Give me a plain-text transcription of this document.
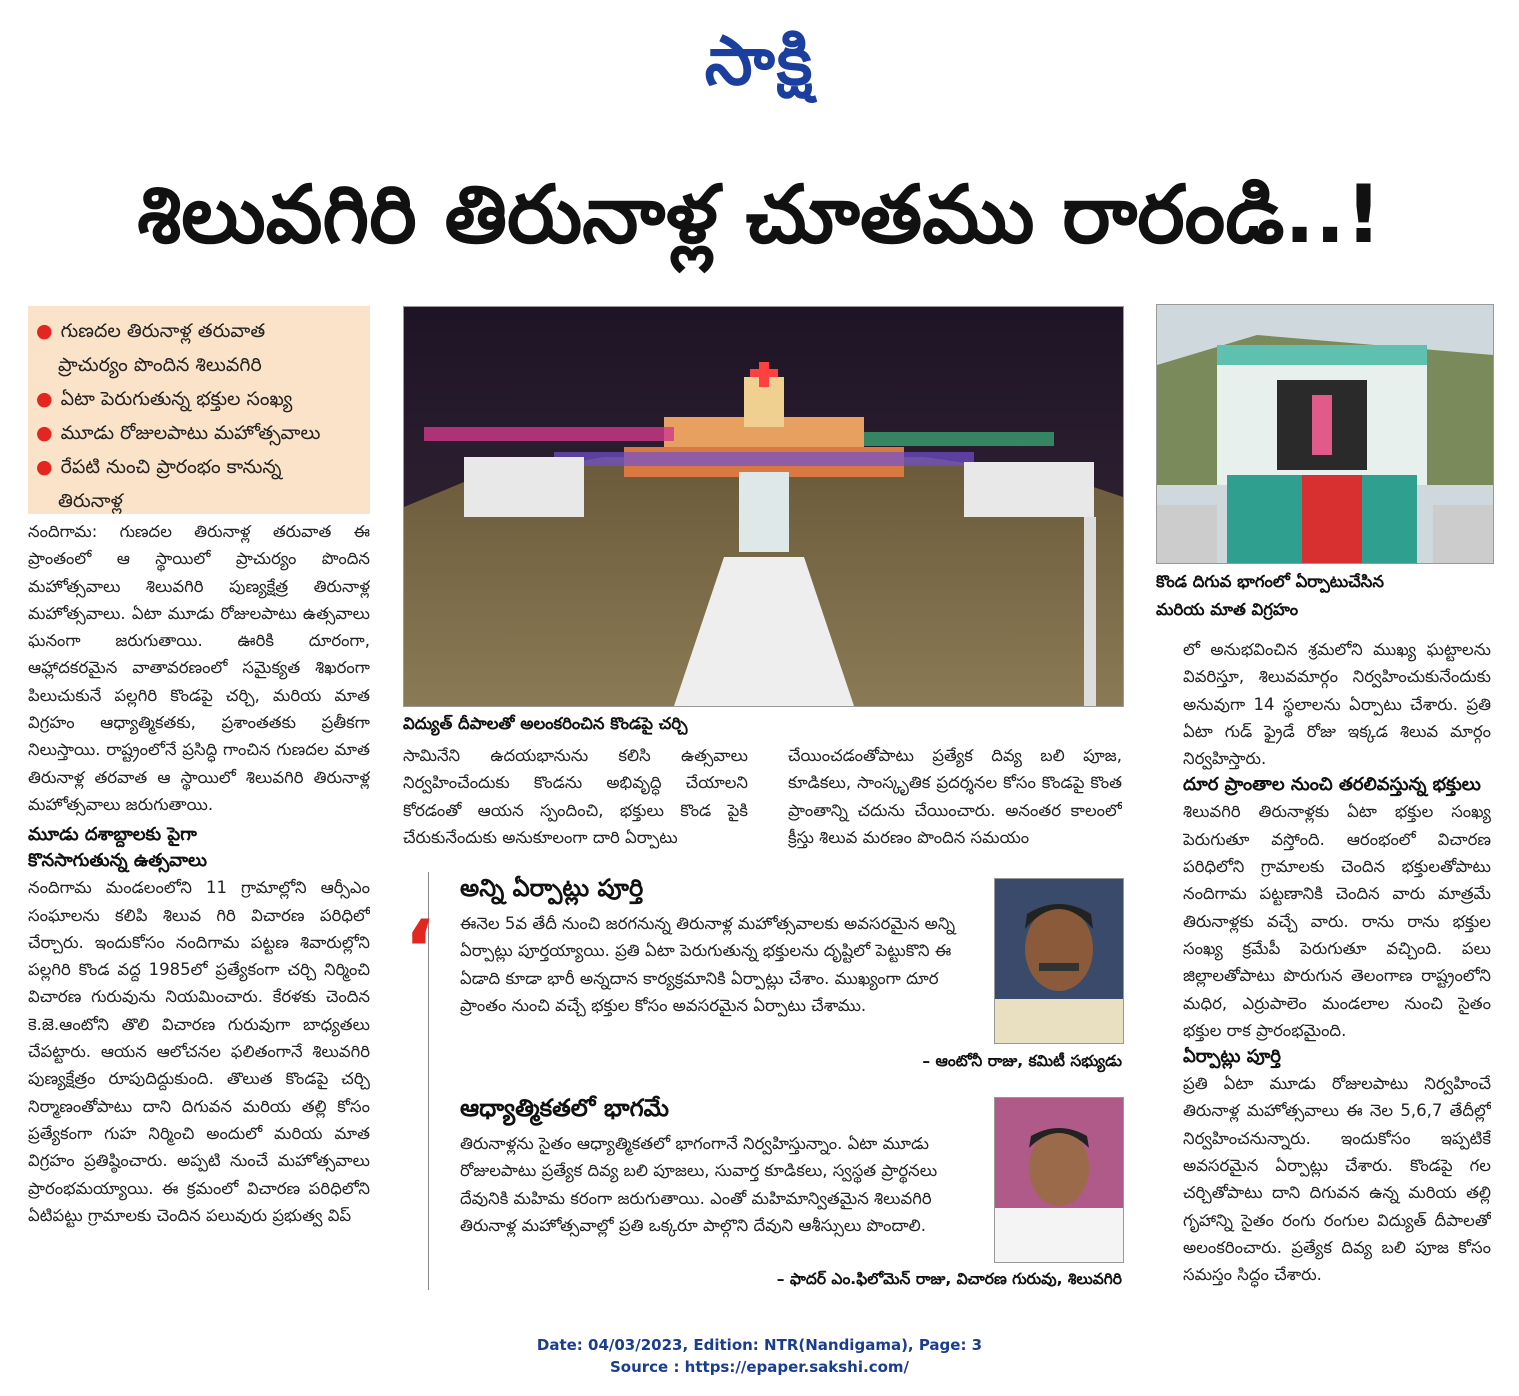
సాక్షి
శిలువగిరి తిరునాళ్ల చూతము రారండి..!
● గుణదల తిరునాళ్ల తరువాత
ప్రాచుర్యం పొందిన శిలువగిరి
● ఏటా పెరుగుతున్న భక్తుల సంఖ్య
● మూడు రోజులపాటు మహోత్సవాలు
● రేపటి నుంచి ప్రారంభం కానున్న
తిరునాళ్ల
నందిగామ: గుణదల తిరునాళ్ల తరువాత ఈ ప్రాంతంలో ఆ స్థాయిలో ప్రాచుర్యం పొందిన మహోత్సవాలు శిలువగిరి పుణ్యక్షేత్ర తిరునాళ్ల మహోత్సవాలు. ఏటా మూడు రోజులపాటు ఉత్సవాలు ఘనంగా జరుగుతాయి. ఊరికి దూరంగా, ఆహ్లాదకరమైన వాతావరణంలో సమైక్యత శిఖరంగా పిలుచుకునే పల్లగిరి కొండపై చర్చి, మరియ మాత విగ్రహం ఆధ్యాత్మికతకు, ప్రశాంతతకు ప్రతీకగా నిలుస్తాయి. రాష్ట్రంలోనే ప్రసిద్ధి గాంచిన గుణదల మాత తిరునాళ్ల తరవాత ఆ స్థాయిలో శిలువగిరి తిరునాళ్ల మహోత్సవాలు జరుగుతాయి.
మూడు దశాబ్దాలకు పైగా
కొనసాగుతున్న ఉత్సవాలు
నందిగామ మండలంలోని 11 గ్రామాల్లోని ఆర్సీఎం సంఘాలను కలిపి శిలువ గిరి విచారణ పరిధిలో చేర్చారు. ఇందుకోసం నందిగామ పట్టణ శివారుల్లోని పల్లగిరి కొండ వద్ద 1985లో ప్రత్యేకంగా చర్చి నిర్మించి విచారణ గురువును నియమించారు. కేరళకు చెందిన కె.జె.ఆంటోని తొలి విచారణ గురువుగా బాధ్యతలు చేపట్టారు. ఆయన ఆలోచనల ఫలితంగానే శిలువగిరి పుణ్యక్షేత్రం రూపుదిద్దుకుంది. తొలుత కొండపై చర్చి నిర్మాణంతోపాటు దాని దిగువన మరియ తల్లి కోసం ప్రత్యేకంగా గుహ నిర్మించి అందులో మరియ మాత విగ్రహం ప్రతిష్ఠించారు. అప్పటి నుంచే మహోత్సవాలు ప్రారంభమయ్యాయి. ఈ క్రమంలో విచారణ పరిధిలోని ఏటిపట్టు గ్రామాలకు చెందిన పలువురు ప్రభుత్వ విప్
విద్యుత్ దీపాలతో అలంకరించిన కొండపై చర్చి
సామినేని ఉదయభానును కలిసి ఉత్సవాలు నిర్వహించేందుకు కొండను అభివృద్ధి చేయాలని కోరడంతో ఆయన స్పందించి, భక్తులు కొండ పైకి చేరుకునేందుకు అనుకూలంగా దారి ఏర్పాటు
చేయించడంతోపాటు ప్రత్యేక దివ్య బలి పూజ, కూడికలు, సాంస్కృతిక ప్రదర్శనల కోసం కొండపై కొంత ప్రాంతాన్ని చదును చేయించారు. అనంతర కాలంలో క్రీస్తు శిలువ మరణం పొందిన సమయం
‘
అన్ని ఏర్పాట్లు పూర్తి
ఈనెల 5వ తేదీ నుంచి జరగనున్న తిరునాళ్ల మహోత్సవాలకు అవసరమైన అన్ని ఏర్పాట్లు పూర్తయ్యాయి. ప్రతి ఏటా పెరుగుతున్న భక్తులను దృష్టిలో పెట్టుకొని ఈ ఏడాది కూడా భారీ అన్నదాన కార్యక్రమానికి ఏర్పాట్లు చేశాం. ముఖ్యంగా దూర ప్రాంతం నుంచి వచ్చే భక్తుల కోసం అవసరమైన ఏర్పాటు చేశాము.
– ఆంటోనీ రాజు, కమిటీ సభ్యుడు
ఆధ్యాత్మికతలో భాగమే
తిరునాళ్లను సైతం ఆధ్యాత్మికతలో భాగంగానే నిర్వహిస్తున్నాం. ఏటా మూడు రోజులపాటు ప్రత్యేక దివ్య బలి పూజలు, సువార్త కూడికలు, స్వస్థత ప్రార్థనలు దేవునికి మహిమ కరంగా జరుగుతాయి. ఎంతో మహిమాన్వితమైన శిలువగిరి తిరునాళ్ల మహోత్సవాల్లో ప్రతి ఒక్కరూ పాల్గొని దేవుని ఆశీస్సులు పొందాలి.
– ఫాదర్ ఎం.ఫిలోమెన్ రాజు, విచారణ గురువు, శిలువగిరి
కొండ దిగువ భాగంలో ఏర్పాటుచేసిన
మరియ మాత విగ్రహం
లో అనుభవించిన శ్రమలోని ముఖ్య ఘట్టాలను వివరిస్తూ, శిలువమార్గం నిర్వహించుకునేందుకు అనువుగా 14 స్థలాలను ఏర్పాటు చేశారు. ప్రతి ఏటా గుడ్ ఫ్రైడే రోజు ఇక్కడ శిలువ మార్గం నిర్వహిస్తారు.
దూర ప్రాంతాల నుంచి తరలివస్తున్న భక్తులు
శిలువగిరి తిరునాళ్లకు ఏటా భక్తుల సంఖ్య పెరుగుతూ వస్తోంది. ఆరంభంలో విచారణ పరిధిలోని గ్రామాలకు చెందిన భక్తులతోపాటు నందిగామ పట్టణానికి చెందిన వారు మాత్రమే తిరునాళ్లకు వచ్చే వారు. రాను రాను భక్తుల సంఖ్య క్రమేపీ పెరుగుతూ వచ్చింది. పలు జిల్లాలతోపాటు పొరుగున తెలంగాణ రాష్ట్రంలోని మధిర, ఎర్రుపాలెం మండలాల నుంచి సైతం భక్తుల రాక ప్రారంభమైంది.
ఏర్పాట్లు పూర్తి
ప్రతి ఏటా మూడు రోజులపాటు నిర్వహించే తిరునాళ్ల మహోత్సవాలు ఈ నెల 5,6,7 తేదీల్లో నిర్వహించనున్నారు. ఇందుకోసం ఇప్పటికే అవసరమైన ఏర్పాట్లు చేశారు. కొండపై గల చర్చితోపాటు దాని దిగువన ఉన్న మరియ తల్లి గృహాన్ని సైతం రంగు రంగుల విద్యుత్ దీపాలతో అలంకరించారు. ప్రత్యేక దివ్య బలి పూజ కోసం సమస్తం సిద్ధం చేశారు.
Date: 04/03/2023, Edition: NTR(Nandigama), Page: 3
Source : https://epaper.sakshi.com/
